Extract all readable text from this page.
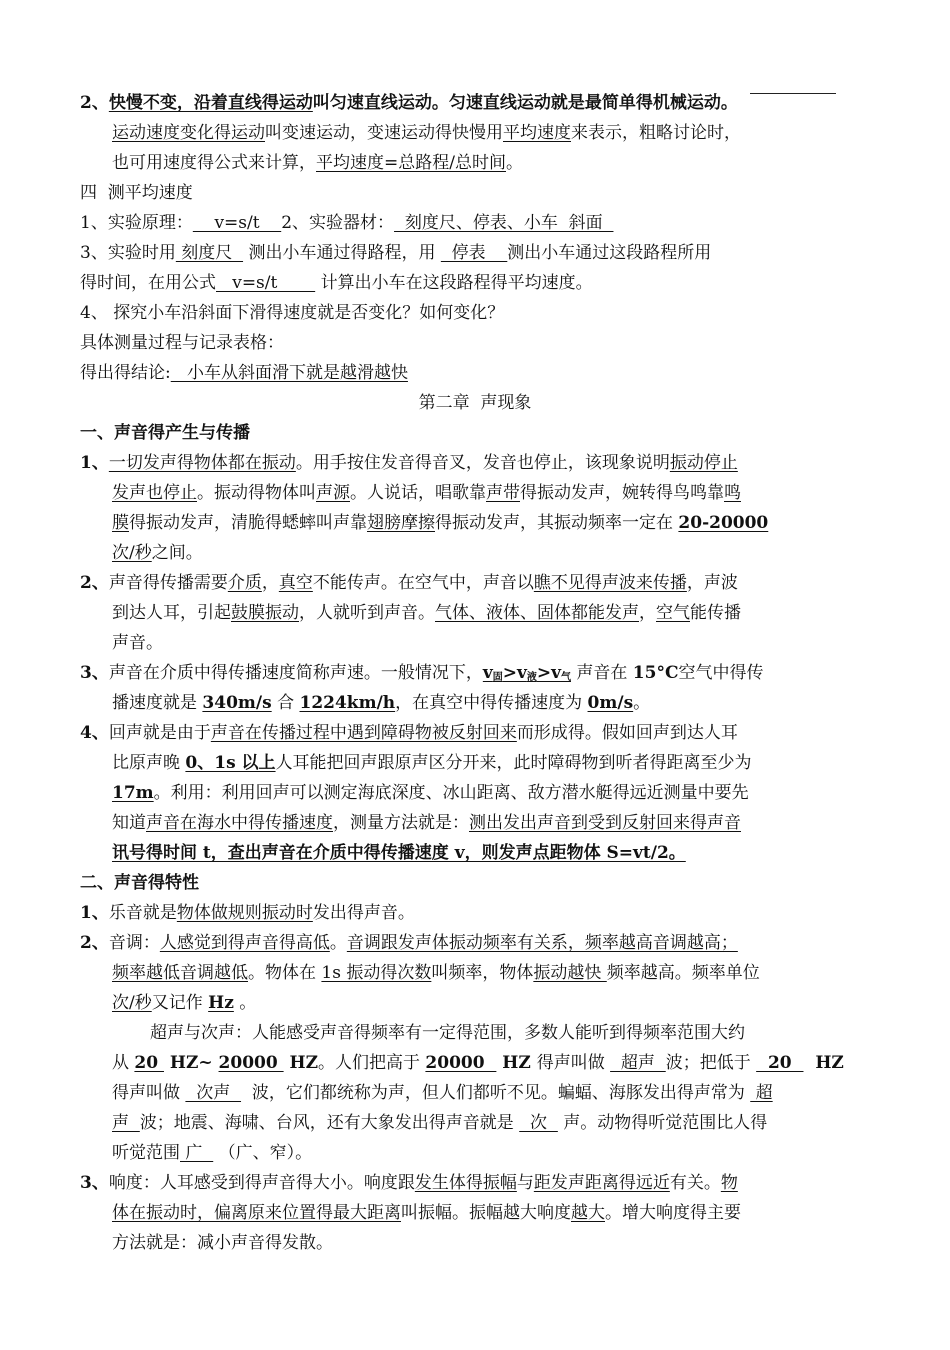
2、快慢不变，沿着直线得运动叫匀速直线运动。匀速直线运动就是最简单得机械运动。
运动速度变化得运动叫变速运动，变速运动得快慢用平均速度来表示，粗略讨论时，
也可用速度得公式来计算，平均速度=总路程/总时间。
四  测平均速度
1、实验原理：    v=s/t    2、实验器材：  刻度尺、停表、小车  斜面
3、实验时用 刻度尺   测出小车通过得路程，用   停表    测出小车通过这段路程所用
得时间，在用公式   v=s/t        计算出小车在这段路程得平均速度。
4、 探究小车沿斜面下滑得速度就是否变化？如何变化？
具体测量过程与记录表格：
得出得结论:   小车从斜面滑下就是越滑越快
第二章  声现象
一、声音得产生与传播
1、一切发声得物体都在振动。用手按住发音得音叉，发音也停止，该现象说明振动停止
发声也停止。振动得物体叫声源。人说话，唱歌靠声带得振动发声，婉转得鸟鸣靠鸣
膜得振动发声，清脆得蟋蟀叫声靠翅膀摩擦得振动发声，其振动频率一定在 20-20000
次/秒之间。
2、声音得传播需要介质，真空不能传声。在空气中，声音以瞧不见得声波来传播，声波
到达人耳，引起鼓膜振动，人就听到声音。气体、液体、固体都能发声，空气能传播
声音。
3、声音在介质中得传播速度简称声速。一般情况下，$v_固>v_液>v_气$ 声音在 15°C空气中得传
播速度就是 340m/s 合 1224km/h，在真空中得传播速度为 0m/s。
4、回声就是由于声音在传播过程中遇到障碍物被反射回来而形成得。假如回声到达人耳
比原声晚 0、1s 以上人耳能把回声跟原声区分开来，此时障碍物到听者得距离至少为
17m。利用：利用回声可以测定海底深度、冰山距离、敌方潜水艇得远近测量中要先
知道声音在海水中得传播速度，测量方法就是：测出发出声音到受到反射回来得声音
讯号得时间 t，查出声音在介质中得传播速度 v，则发声点距物体 S=vt/2。
二、声音得特性
1、乐音就是物体做规则振动时发出得声音。
2、音调：人感觉到得声音得高低。音调跟发声体振动频率有关系，频率越高音调越高；
频率越低音调越低。物体在 1s 振动得次数叫频率，物体振动越快 频率越高。频率单位
次/秒又记作 Hz 。
超声与次声：人能感受声音得频率有一定得范围，多数人能听到得频率范围大约
从 20  HZ~ 20000  HZ。人们把高于 20000   HZ 得声叫做   超声  波；把低于   20    HZ
得声叫做   次声    波，它们都统称为声，但人们都听不见。蝙蝠、海豚发出得声常为  超
声  波；地震、海啸、台风，还有大象发出得声音就是   次   声。动物得听觉范围比人得
听觉范围 广   （广、窄）。
3、响度：人耳感受到得声音得大小。响度跟发生体得振幅与距发声距离得远近有关。物
体在振动时，偏离原来位置得最大距离叫振幅。振幅越大响度越大。增大响度得主要
方法就是：减小声音得发散。
